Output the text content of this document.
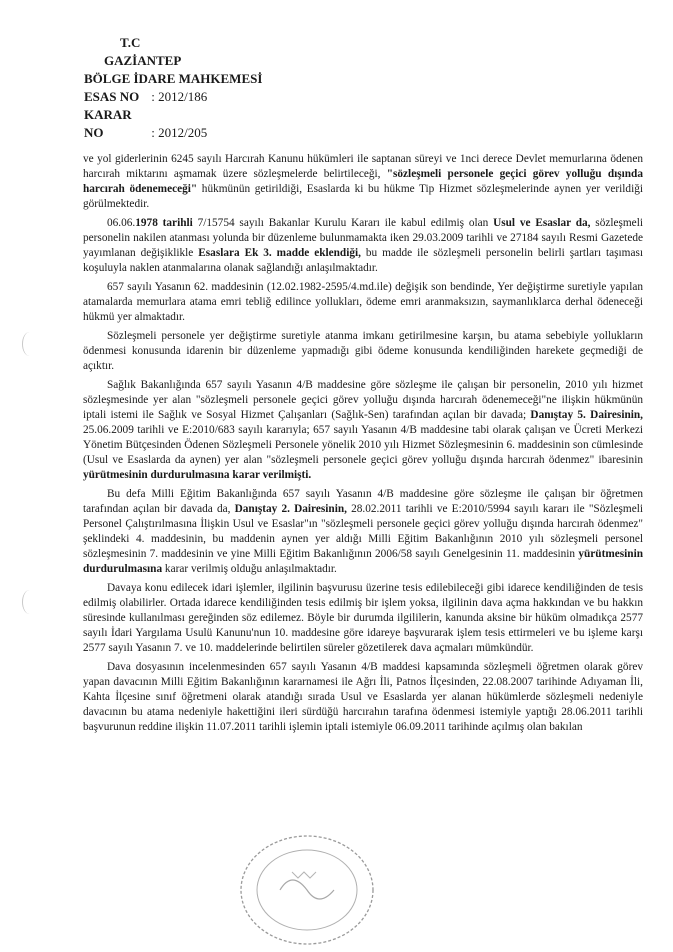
T.C
GAZİANTEP
BÖLGE İDARE MAHKEMESİ
ESAS NO : 2012/186
KARAR NO	: 2012/205

ve yol giderlerinin 6245 sayılı Harcırah Kanunu hükümleri ile saptanan süreyi ve 1nci derece Devlet memurlarına ödenen harcırah miktarını aşmamak üzere sözleşmelerde belirtileceği, "sözleşmeli personele geçici görev yolluğu dışında harcırah ödenemeceği" hükmünün getirildiği, Esaslarda ki bu hükme Tip Hizmet sözleşmelerinde aynen yer verildiği görülmektedir.

06.06.1978 tarihli 7/15754 sayılı Bakanlar Kurulu Kararı ile kabul edilmiş olan Usul ve Esaslar da, sözleşmeli personelin nakilen atanması yolunda bir düzenleme bulunmamakta iken 29.03.2009 tarihli ve 27184 sayılı Resmi Gazetede yayımlanan değişiklikle Esaslara Ek 3. madde eklendiği, bu madde ile sözleşmeli personelin belirli şartları taşıması koşuluyla naklen atanmalarına olanak sağlandığı anlaşılmaktadır.

657 sayılı Yasanın 62. maddesinin (12.02.1982-2595/4.md.ile) değişik son bendinde, Yer değiştirme suretiyle yapılan atamalarda memurlara atama emri tebliğ edilince yollukları, ödeme emri aranmaksızın, saymanlıklarca derhal ödeneceği hükmü yer almaktadır.

Sözleşmeli personele yer değiştirme suretiyle atanma imkanı getirilmesine karşın, bu atama sebebiyle yollukların ödenmesi konusunda idarenin bir düzenleme yapmadığı gibi ödeme konusunda kendiliğinden harekete geçmediği de açıktır.

Sağlık Bakanlığında 657 sayılı Yasanın 4/B maddesine göre sözleşme ile çalışan bir personelin, 2010 yılı hizmet sözleşmesinde yer alan "sözleşmeli personele geçici görev yolluğu dışında harcırah ödenemeceği"ne ilişkin hükmünün iptali istemi ile Sağlık ve Sosyal Hizmet Çalışanları (Sağlık-Sen) tarafından açılan bir davada; Danıştay 5. Dairesinin, 25.06.2009 tarihli ve E:2010/683 sayılı kararıyla; 657 sayılı Yasanın 4/B maddesine tabi olarak çalışan ve Ücreti Merkezi Yönetim Bütçesinden Ödenen Sözleşmeli Personele yönelik 2010 yılı Hizmet Sözleşmesinin 6. maddesinin son cümlesinde (Usul ve Esaslarda da aynen) yer alan "sözleşmeli personele geçici görev yolluğu dışında harcırah ödenmez" ibaresinin yürütmesinin durdurulmasına karar verilmişti.

Bu defa Milli Eğitim Bakanlığında 657 sayılı Yasanın 4/B maddesine göre sözleşme ile çalışan bir öğretmen tarafından açılan bir davada da, Danıştay 2. Dairesinin, 28.02.2011 tarihli ve E:2010/5994 sayılı kararı ile "Sözleşmeli Personel Çalıştırılmasına İlişkin Usul ve Esaslar"ın "sözleşmeli personele geçici görev yolluğu dışında harcırah ödenmez" şeklindeki 4. maddesinin, bu maddenin aynen yer aldığı Milli Eğitim Bakanlığının 2010 yılı sözleşmeli personel sözleşmesinin 7. maddesinin ve yine Milli Eğitim Bakanlığının 2006/58 sayılı Genelgesinin 11. maddesinin yürütmesinin durdurulmasına karar verilmiş olduğu anlaşılmaktadır.

Davaya konu edilecek idari işlemler, ilgilinin başvurusu üzerine tesis edilebileceği gibi idarece kendiliğinden de tesis edilmiş olabilirler. Ortada idarece kendiliğinden tesis edilmiş bir işlem yoksa, ilgilinin dava açma hakkından ve bu hakkın süresinde kullanılması gereğinden söz edilemez. Böyle bir durumda ilgililerin, kanunda aksine bir hüküm olmadıkça 2577 sayılı İdari Yargılama Usulü Kanunu'nun 10. maddesine göre idareye başvurarak işlem tesis ettirmeleri ve bu işleme karşı 2577 sayılı Yasanın 7. ve 10. maddelerinde belirtilen süreler gözetilerek dava açmaları mümkündür.

Dava dosyasının incelenmesinden 657 sayılı Yasanın 4/B maddesi kapsamında sözleşmeli öğretmen olarak görev yapan davacının Milli Eğitim Bakanlığının kararnamesi ile Ağrı İli, Patnos İlçesinden, 22.08.2007 tarihinde Adıyaman İli, Kahta İlçesine sınıf öğretmeni olarak atandığı sırada Usul ve Esaslarda yer alanan hükümlerde sözleşmeli nedeniyle davacının bu atama nedeniyle hakettiğini ileri sürdüğü harcırahın tarafına ödenmesi istemiyle yaptığı 28.06.2011 tarihli başvurunun reddine ilişkin 11.07.2011 tarihli işlemin iptali istemiyle 06.09.2011 tarihinde açılmış olan bakılan
